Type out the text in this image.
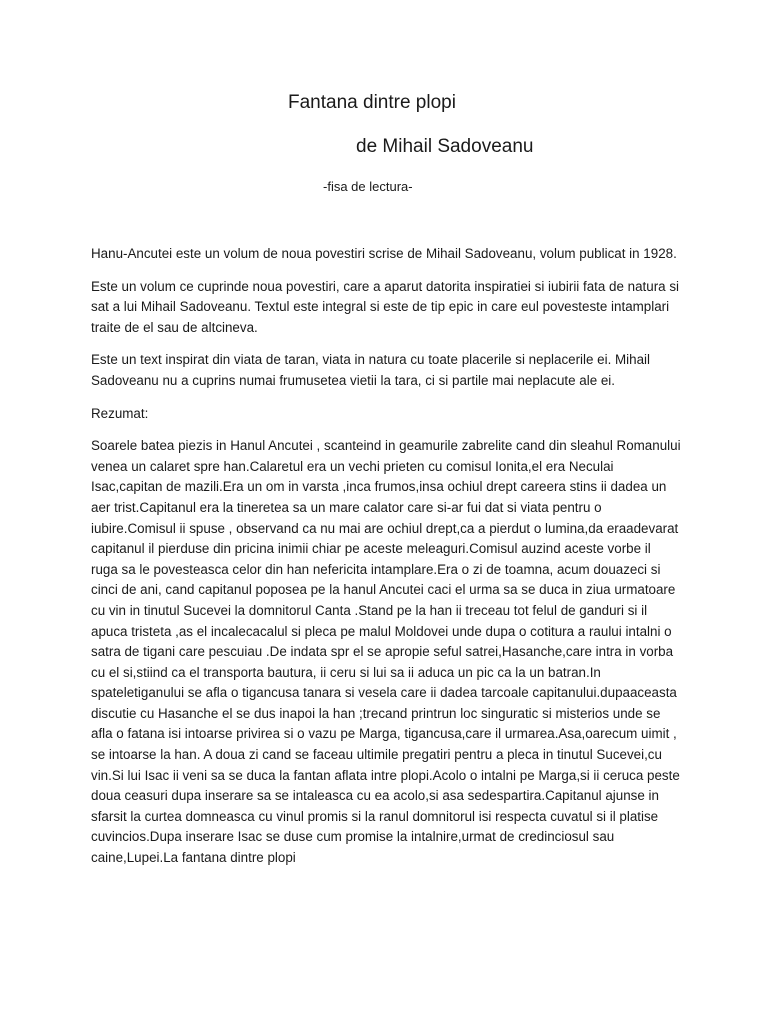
Fantana dintre plopi
de Mihail Sadoveanu
-fisa de lectura-

Hanu-Ancutei este un volum de noua povestiri scrise de Mihail Sadoveanu, volum publicat in 1928.

Este un volum ce cuprinde noua povestiri, care a aparut datorita inspiratiei si iubirii fata de natura si sat a lui Mihail Sadoveanu. Textul este integral si este de tip epic in care eul povesteste intamplari traite de el sau de altcineva.

Este un text inspirat din viata de taran, viata in natura cu toate placerile si neplacerile ei. Mihail Sadoveanu nu a cuprins numai frumusetea vietii la tara, ci si partile mai neplacute ale ei.

Rezumat:

Soarele batea piezis in Hanul Ancutei , scanteind in geamurile zabrelite cand din sleahul Romanului venea un calaret spre han.Calaretul era un vechi prieten cu comisul Ionita,el era Neculai Isac,capitan de mazili.Era un om in varsta ,inca frumos,insa ochiul drept careera stins ii dadea un aer trist.Capitanul era la tineretea sa un mare calator care si-ar fui dat si viata pentru o iubire.Comisul ii spuse , observand ca nu mai are ochiul drept,ca a pierdut o lumina,da eraadevarat capitanul il pierduse din pricina inimii chiar pe aceste meleaguri.Comisul auzind aceste vorbe il ruga sa le povesteasca celor din han nefericita intamplare.Era o zi de toamna, acum douazeci si cinci de ani, cand capitanul poposea pe la hanul Ancutei caci el urma sa se duca in ziua urmatoare cu vin in tinutul Sucevei la domnitorul Canta .Stand pe la han ii treceau tot felul de ganduri si il apuca tristeta ,as el incalecacalul si pleca pe malul Moldovei unde dupa o cotitura a raului intalni o satra de tigani care pescuiau .De indata spr el se apropie seful satrei,Hasanche,care intra in vorba cu el si,stiind ca el transporta bautura, ii ceru si lui sa ii aduca un pic ca la un batran.In spateletiganului se afla o tigancusa tanara si vesela care ii dadea tarcoale capitanului.dupaaceasta discutie cu Hasanche el se dus inapoi la han ;trecand printrun loc singuratic si misterios unde se afla o fatana isi intoarse privirea si o vazu pe Marga, tigancusa,care il urmarea.Asa,oarecum uimit , se intoarse la han. A doua zi cand se faceau ultimile pregatiri pentru a pleca in tinutul Sucevei,cu vin.Si lui Isac ii veni sa se duca la fantan aflata intre plopi.Acolo o intalni pe Marga,si ii ceruca peste doua ceasuri dupa inserare sa se intaleasca cu ea acolo,si asa sedespartira.Capitanul ajunse in sfarsit la curtea domneasca cu vinul promis si la ranul domnitorul isi respecta cuvatul si il platise cuvincios.Dupa inserare Isac se duse cum promise la intalnire,urmat de credinciosul sau caine,Lupei.La fantana dintre plopi
